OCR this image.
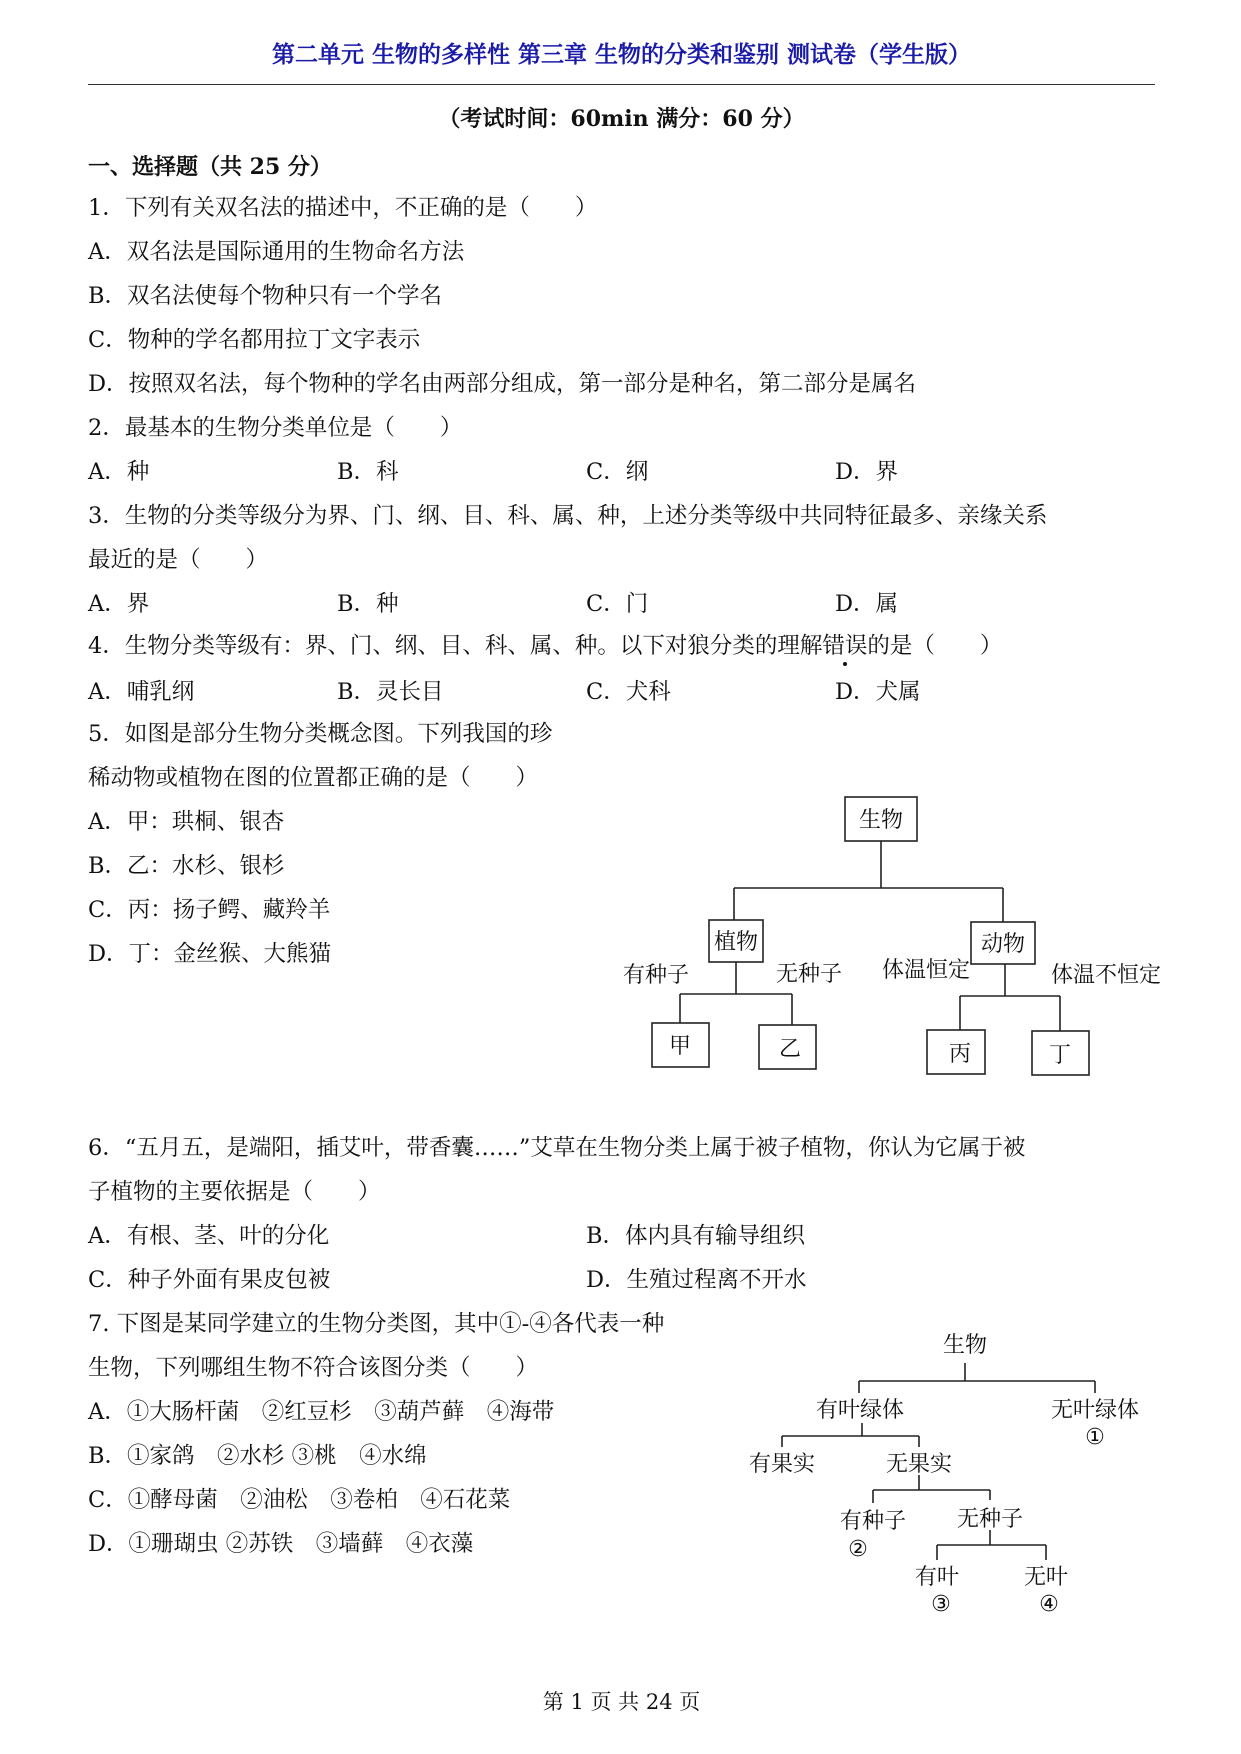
第二单元 生物的多样性 第三章 生物的分类和鉴别 测试卷（学生版）
（考试时间：60min 满分：60 分）
一、选择题（共 25 分）
1．下列有关双名法的描述中，不正确的是（　　）
A．双名法是国际通用的生物命名方法
B．双名法使每个物种只有一个学名
C．物种的学名都用拉丁文字表示
D．按照双名法，每个物种的学名由两部分组成，第一部分是种名，第二部分是属名
2．最基本的生物分类单位是（　　）
A．种	B．科	C．纲	D．界
3．生物的分类等级分为界、门、纲、目、科、属、种，上述分类等级中共同特征最多、亲缘关系
最近的是（　　）
A．界	B．种	C．门	D．属
4．生物分类等级有：界、门、纲、目、科、属、种。以下对狼分类的理解错误的是（　　）
A．哺乳纲	B．灵长目	C．犬科	D．犬属
5．如图是部分生物分类概念图。下列我国的珍
稀动物或植物在图的位置都正确的是（　　）
A．甲：珙桐、银杏
B．乙：水杉、银杉
C．丙：扬子鳄、藏羚羊
D．丁：金丝猴、大熊猫
生物
植物	动物
有种子	无种子 体温恒定	体温不恒定
甲	乙	丙	丁
6．“五月五，是端阳，插艾叶，带香囊……”艾草在生物分类上属于被子植物，你认为它属于被
子植物的主要依据是（　　）
A．有根、茎、叶的分化	B．体内具有输导组织
C．种子外面有果皮包被	D．生殖过程离不开水
7. 下图是某同学建立的生物分类图，其中①-④各代表一种
生物，下列哪组生物不符合该图分类（　　）
A．①大肠杆菌　②红豆杉　③葫芦藓　④海带
B．①家鸽　②水杉 ③桃　④水绵
C．①酵母菌　②油松　③卷柏　④石花菜
D．①珊瑚虫 ②苏铁　③墙藓　④衣藻
生物
有叶绿体	无叶绿体
①
有果实	无果实
有种子
②
无种子
有叶
③
无叶
④
第 1 页 共 24 页
